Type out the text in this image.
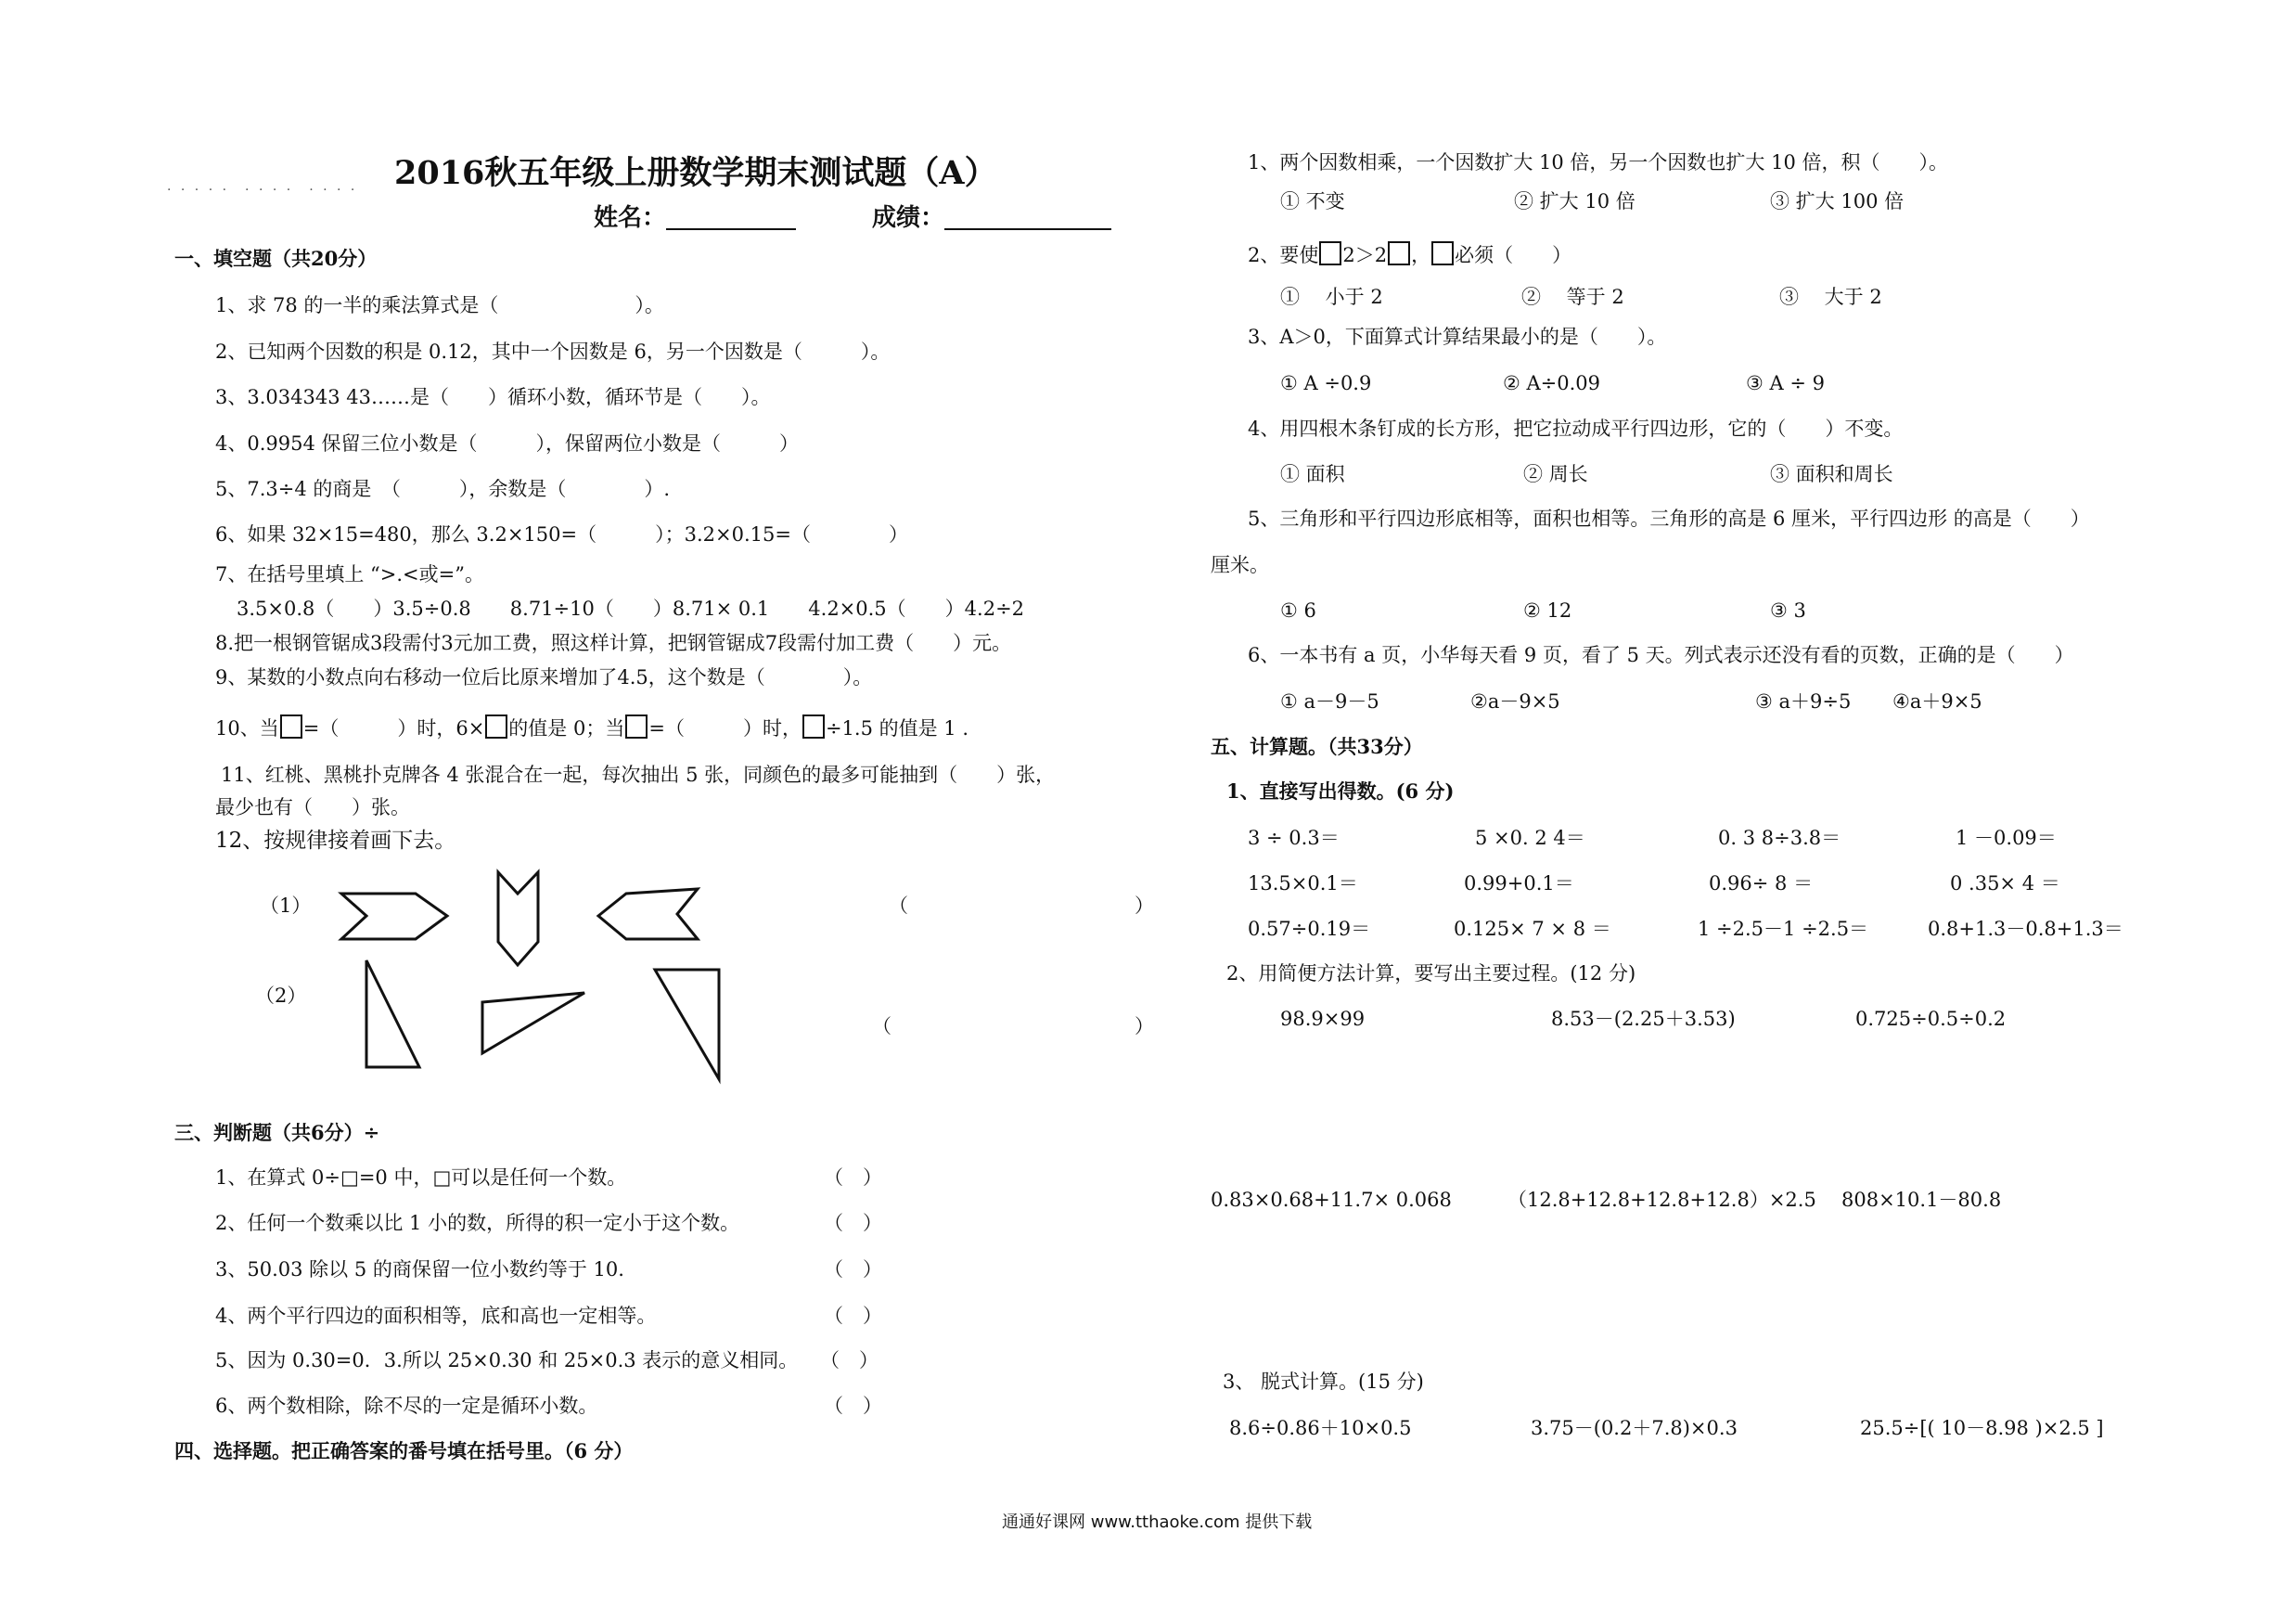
. . . . .　. . . .　. . . . 2016秋五年级上册数学期末测试题（A）
姓名：	成绩：
一、填空题（共20分）
1、求 78 的一半的乘法算式是（　　　　　　　）。
2、已知两个因数的积是 0.12，其中一个因数是 6，另一个因数是（　　　）。
3、3.034343 43……是（　　）循环小数，循环节是（　　）。
4、0.9954 保留三位小数是（　　　），保留两位小数是（　　　）
5、7.3÷4 的商是　（　　　），余数是（　　　　）.
6、如果 32×15=480，那么 3.2×150=（　　　）；3.2×0.15=（　　　　）
7、在括号里填上 “>.<或=”。
3.5×0.8（　　）3.5÷0.8　　8.71÷10（　　）8.71× 0.1　　4.2×0.5（　　）4.2÷2
8.把一根钢管锯成3段需付3元加工费，照这样计算，把钢管锯成7段需付加工费（　　）元。
9、某数的小数点向右移动一位后比原来增加了4.5，这个数是（　　　　）。
10、当 =（　　　）时，6× 的值是 0；当 =（　　　）时， ÷1.5 的值是 1 .
11、红桃、黑桃扑克牌各 4 张混合在一起，每次抽出 5 张，同颜色的最多可能抽到（　　）张，
最少也有（　　）张。
12、按规律接着画下去。
（1）
（2）
（	）
（	）
三、判断题（共6分）÷
1、在算式 0÷□=0 中，□可以是任何一个数。	（　）
2、任何一个数乘以比 1 小的数，所得的积一定小于这个数。	（　）
3、50.03 除以 5 的商保留一位小数约等于 10.	（　）
4、两个平行四边的面积相等，底和高也一定相等。	（　）
5、因为 0.30=0．3.所以 25×0.30 和 25×0.3 表示的意义相同。 （　）
6、两个数相除，除不尽的一定是循环小数。	（　）
四、选择题。把正确答案的番号填在括号里。（6 分）
1、两个因数相乘，一个因数扩大 10 倍，另一个因数也扩大 10 倍，积（　　）。
① 不变	② 扩大 10 倍	③ 扩大 100 倍
2、要使 2＞2 ， 必须（　　）
①　 小于 2	②　 等于 2	③　 大于 2
3、A＞0，下面算式计算结果最小的是（　　）。
① A ÷0.9	② A÷0.09	③ A ÷ 9
4、用四根木条钉成的长方形，把它拉动成平行四边形，它的（　　）不变。
① 面积	② 周长	③ 面积和周长
5、三角形和平行四边形底相等，面积也相等。三角形的高是 6 厘米，平行四边形 的高是（　　）
厘米。
① 6	② 12	③ 3
6、一本书有 a 页，小华每天看 9 页，看了 5 天。列式表示还没有看的页数，正确的是（　　）
① a－9－5	②a－9×5	③ a＋9÷5 ④a＋9×5
五、计算题。（共33分）
1、直接写出得数。(6 分)
3 ÷ 0.3＝	5 ×0. 2 4＝	0. 3 8÷3.8＝	1 －0.09＝
13.5×0.1＝	0.99+0.1＝	0.96÷ 8 ＝	0 .35× 4 ＝
0.57÷0.19＝	0.125× 7 × 8 ＝	1 ÷2.5－1 ÷2.5＝	0.8+1.3－0.8+1.3＝
2、用简便方法计算，要写出主要过程。(12 分)
98.9×99	8.53－(2.25＋3.53)	0.725÷0.5÷0.2
0.83×0.68+11.7× 0.068	（12.8+12.8+12.8+12.8）×2.5 808×10.1－80.8
3、 脱式计算。(15 分)
8.6÷0.86＋10×0.5	3.75－(0.2＋7.8)×0.3	25.5÷[( 10－8.98 )×2.5 ]
通通好课网 www.tthaoke.com 提供下载
